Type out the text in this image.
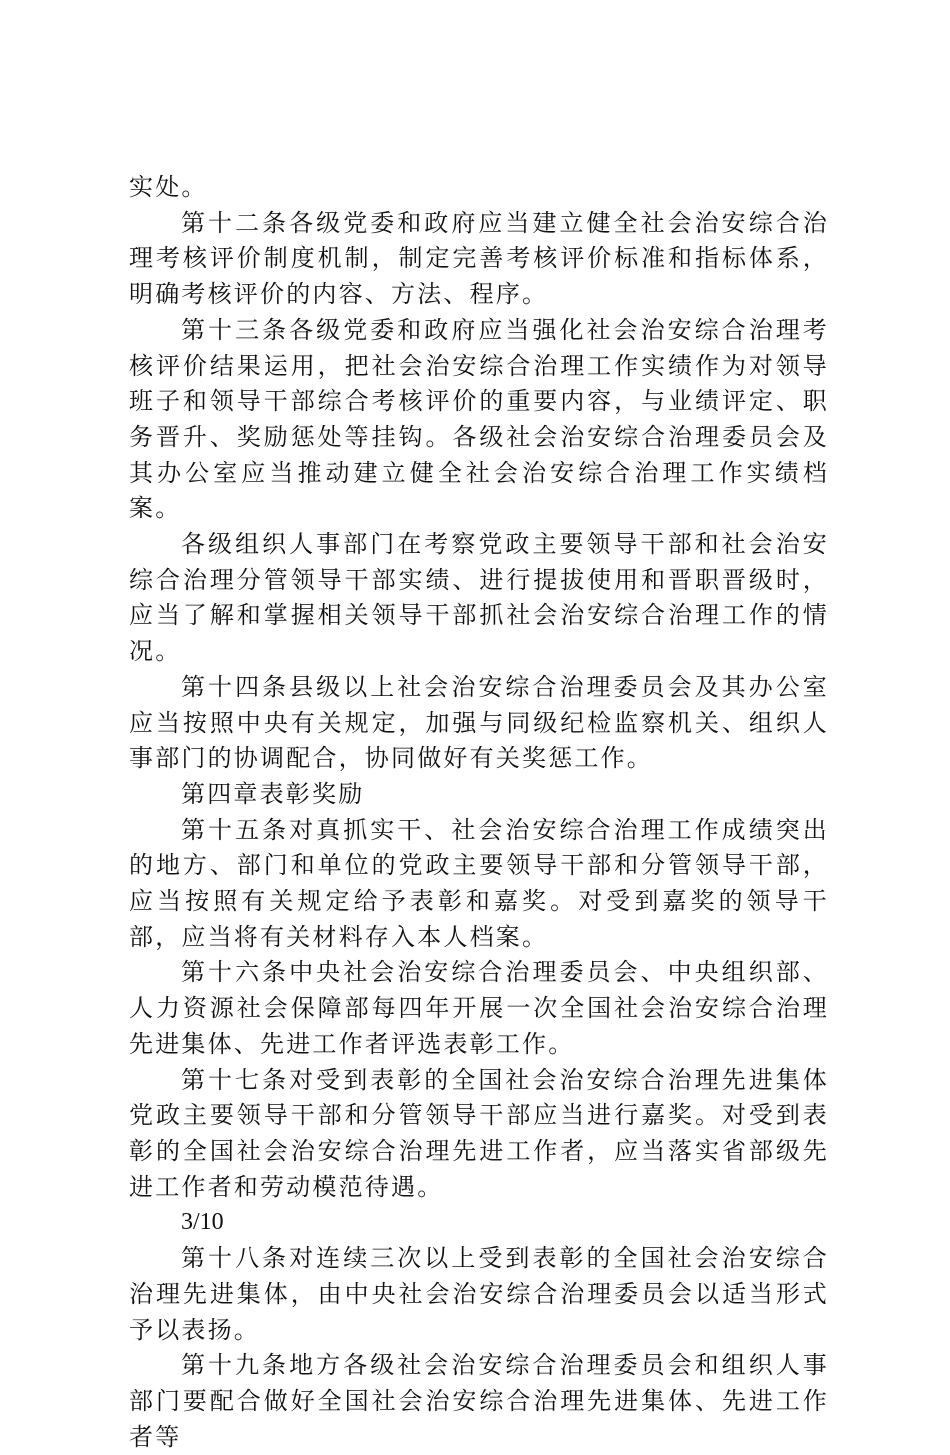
实处。

第十二条各级党委和政府应当建立健全社会治安综合治理考核评价制度机制，制定完善考核评价标准和指标体系，明确考核评价的内容、方法、程序。

第十三条各级党委和政府应当强化社会治安综合治理考核评价结果运用，把社会治安综合治理工作实绩作为对领导班子和领导干部综合考核评价的重要内容，与业绩评定、职务晋升、奖励惩处等挂钩。各级社会治安综合治理委员会及其办公室应当推动建立健全社会治安综合治理工作实绩档案。

各级组织人事部门在考察党政主要领导干部和社会治安综合治理分管领导干部实绩、进行提拔使用和晋职晋级时，应当了解和掌握相关领导干部抓社会治安综合治理工作的情况。

第十四条县级以上社会治安综合治理委员会及其办公室应当按照中央有关规定，加强与同级纪检监察机关、组织人事部门的协调配合，协同做好有关奖惩工作。

第四章表彰奖励

第十五条对真抓实干、社会治安综合治理工作成绩突出的地方、部门和单位的党政主要领导干部和分管领导干部，应当按照有关规定给予表彰和嘉奖。对受到嘉奖的领导干部，应当将有关材料存入本人档案。

第十六条中央社会治安综合治理委员会、中央组织部、人力资源社会保障部每四年开展一次全国社会治安综合治理先进集体、先进工作者评选表彰工作。

第十七条对受到表彰的全国社会治安综合治理先进集体党政主要领导干部和分管领导干部应当进行嘉奖。对受到表彰的全国社会治安综合治理先进工作者，应当落实省部级先进工作者和劳动模范待遇。

3/10

第十八条对连续三次以上受到表彰的全国社会治安综合治理先进集体，由中央社会治安综合治理委员会以适当形式予以表扬。

第十九条地方各级社会治安综合治理委员会和组织人事部门要配合做好全国社会治安综合治理先进集体、先进工作者等
